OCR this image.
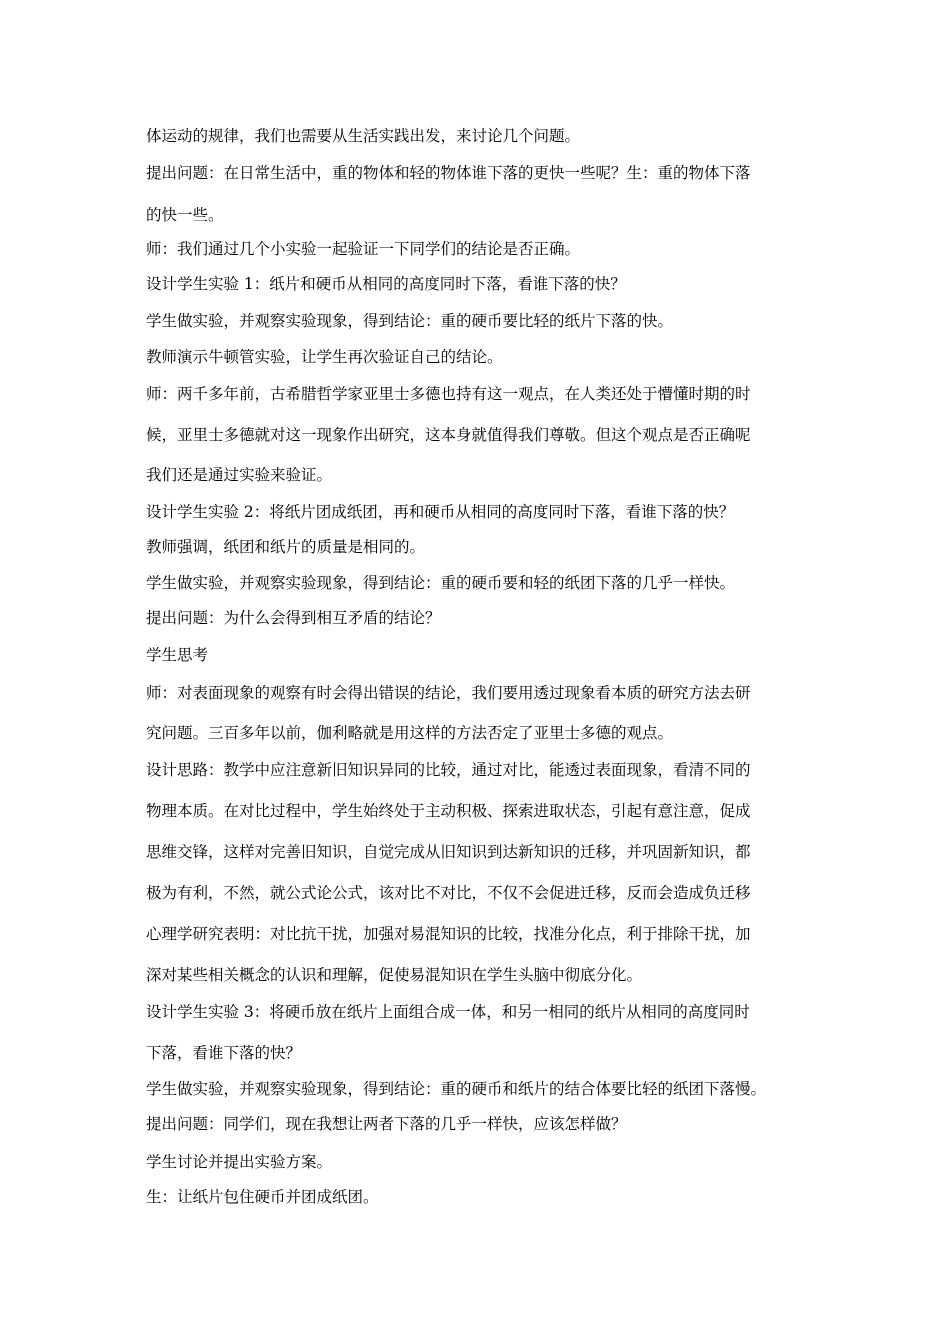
体运动的规律，我们也需要从生活实践出发，来讨论几个问题。
提出问题：在日常生活中，重的物体和轻的物体谁下落的更快一些呢？生：重的物体下落
的快一些。
师：我们通过几个小实验一起验证一下同学们的结论是否正确。
设计学生实验 1：纸片和硬币从相同的高度同时下落，看谁下落的快？
学生做实验，并观察实验现象，得到结论：重的硬币要比轻的纸片下落的快。
教师演示牛顿管实验，让学生再次验证自己的结论。
师：两千多年前，古希腊哲学家亚里士多德也持有这一观点，在人类还处于懵懂时期的时
候，亚里士多德就对这一现象作出研究，这本身就值得我们尊敬。但这个观点是否正确呢
我们还是通过实验来验证。
设计学生实验 2：将纸片团成纸团，再和硬币从相同的高度同时下落，看谁下落的快？
教师强调，纸团和纸片的质量是相同的。
学生做实验，并观察实验现象，得到结论：重的硬币要和轻的纸团下落的几乎一样快。
提出问题：为什么会得到相互矛盾的结论？
学生思考
师：对表面现象的观察有时会得出错误的结论，我们要用透过现象看本质的研究方法去研
究问题。三百多年以前，伽利略就是用这样的方法否定了亚里士多德的观点。
设计思路：教学中应注意新旧知识异同的比较，通过对比，能透过表面现象，看清不同的
物理本质。在对比过程中，学生始终处于主动积极、探索进取状态，引起有意注意，促成
思维交锋，这样对完善旧知识，自觉完成从旧知识到达新知识的迁移，并巩固新知识，都
极为有利，不然，就公式论公式，该对比不对比，不仅不会促进迁移，反而会造成负迁移
心理学研究表明：对比抗干扰，加强对易混知识的比较，找准分化点，利于排除干扰，加
深对某些相关概念的认识和理解，促使易混知识在学生头脑中彻底分化。
设计学生实验 3：将硬币放在纸片上面组合成一体，和另一相同的纸片从相同的高度同时
下落，看谁下落的快？
学生做实验，并观察实验现象，得到结论：重的硬币和纸片的结合体要比轻的纸团下落慢。
提出问题：同学们，现在我想让两者下落的几乎一样快，应该怎样做？
学生讨论并提出实验方案。
生：让纸片包住硬币并团成纸团。
